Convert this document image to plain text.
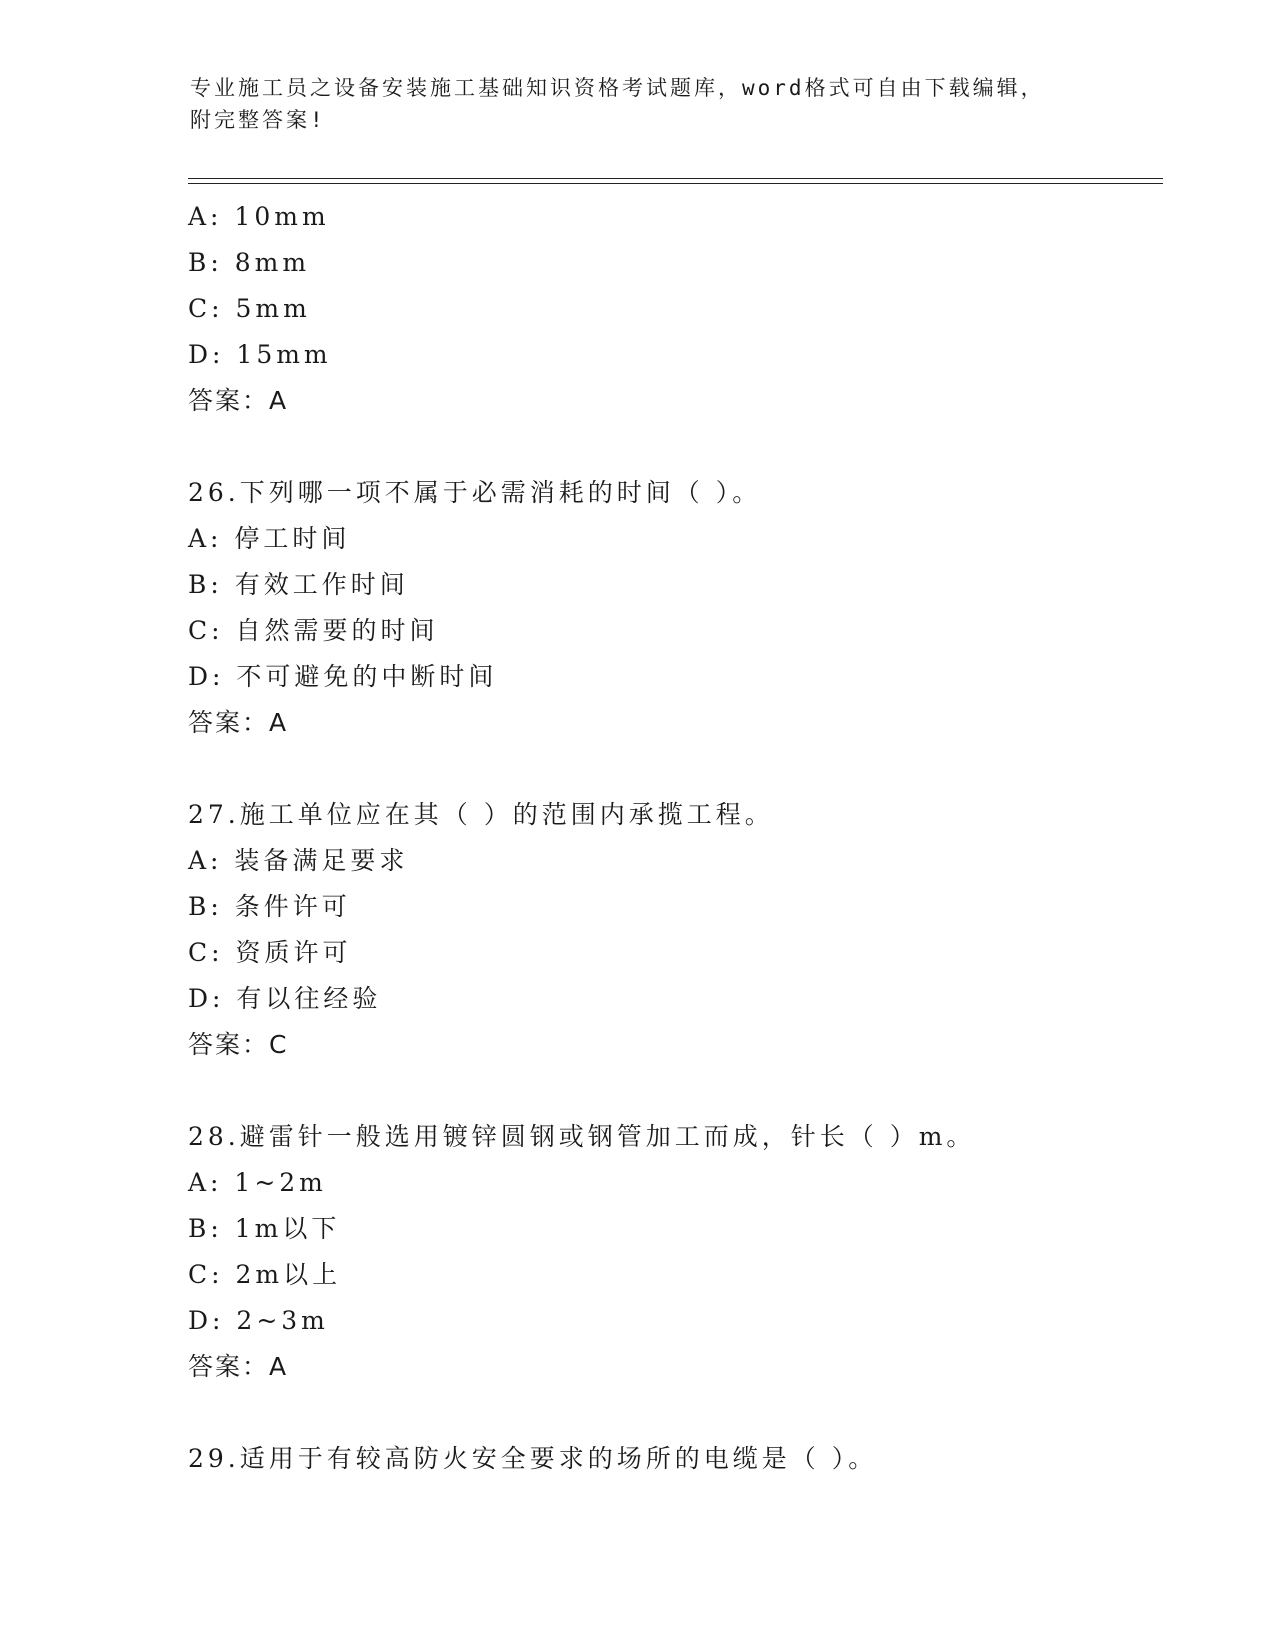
专业施工员之设备安装施工基础知识资格考试题库，word格式可自由下载编辑，
附完整答案!
A: 10mm
B: 8mm
C: 5mm
D: 15mm
答案：A
26.下列哪一项不属于必需消耗的时间（ ）。
A: 停工时间
B: 有效工作时间
C: 自然需要的时间
D: 不可避免的中断时间
答案：A
27.施工单位应在其（ ）的范围内承揽工程。
A: 装备满足要求
B: 条件许可
C: 资质许可
D: 有以往经验
答案：C
28.避雷针一般选用镀锌圆钢或钢管加工而成，针长（ ）m。
A: 1~2m
B: 1m以下
C: 2m以上
D: 2~3m
答案：A
29.适用于有较高防火安全要求的场所的电缆是（ ）。
